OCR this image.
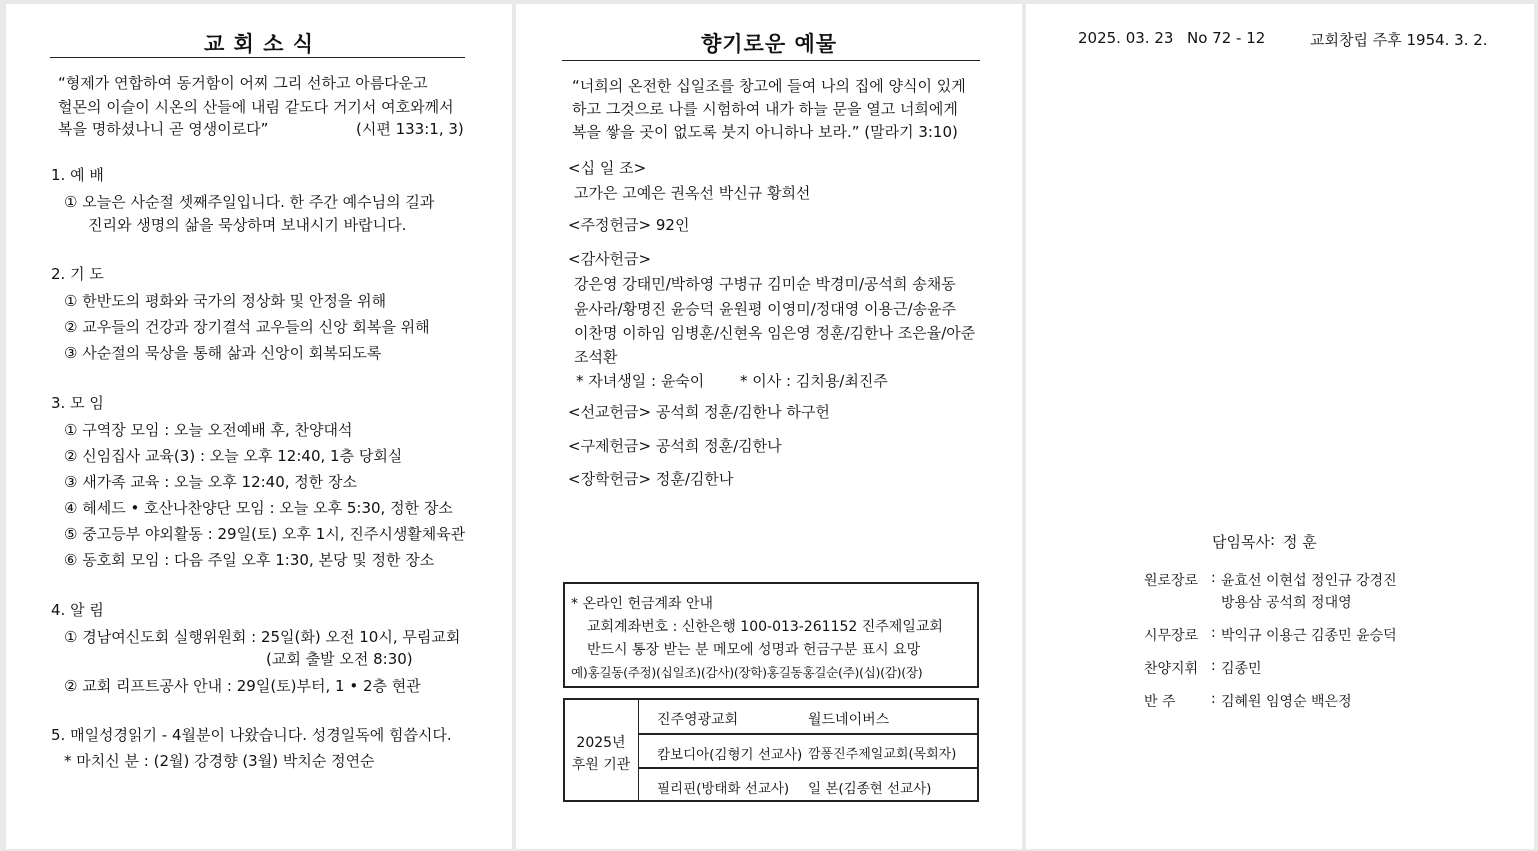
교 회 소 식
“형제가 연합하여 동거함이 어찌 그리 선하고 아름다운고
헐몬의 이슬이 시온의 산들에 내림 같도다 거기서 여호와께서
복을 명하셨나니 곧 영생이로다”	(시편 133:1, 3)
1. 예 배
① 오늘은 사순절 셋째주일입니다. 한 주간 예수님의 길과
진리와 생명의 삶을 묵상하며 보내시기 바랍니다.
2. 기 도
① 한반도의 평화와 국가의 정상화 및 안정을 위해
② 교우들의 건강과 장기결석 교우들의 신앙 회복을 위해
③ 사순절의 묵상을 통해 삶과 신앙이 회복되도록
3. 모 임
① 구역장 모임 : 오늘 오전예배 후, 찬양대석
② 신임집사 교육(3) : 오늘 오후 12:40, 1층 당회실
③ 새가족 교육 : 오늘 오후 12:40, 정한 장소
④ 헤세드 • 호산나찬양단 모임 : 오늘 오후 5:30, 정한 장소
⑤ 중고등부 야외활동 : 29일(토) 오후 1시, 진주시생활체육관
⑥ 동호회 모임 : 다음 주일 오후 1:30, 본당 및 정한 장소
4. 알 림
① 경남여신도회 실행위원회 : 25일(화) 오전 10시, 무림교회
(교회 출발 오전 8:30)
② 교회 리프트공사 안내 : 29일(토)부터, 1 • 2층 현관
5. 매일성경읽기 - 4월분이 나왔습니다. 성경일독에 힘씁시다.
* 마치신 분 : (2월) 강경향 (3월) 박치순 정연순
향기로운 예물
“너희의 온전한 십일조를 창고에 들여 나의 집에 양식이 있게
하고 그것으로 나를 시험하여 내가 하늘 문을 열고 너희에게
복을 쌓을 곳이 없도록 붓지 아니하나 보라.” (말라기 3:10)
<십 일 조>
고가은 고예은 권옥선 박신규 황희선
<주정헌금> 92인
<감사헌금>
강은영 강태민/박하영 구병규 김미순 박경미/공석희 송채동
윤사라/황명진 윤승덕 윤원평 이영미/정대영 이용근/송윤주
이찬명 이하임 임병훈/신현옥 임은영 정훈/김한나 조은율/아준
조석환
* 자녀생일 : 윤숙이 * 이사 : 김치용/최진주
<선교헌금> 공석희 정훈/김한나 하구헌
<구제헌금> 공석희 정훈/김한나
<장학헌금> 정훈/김한나
* 온라인 헌금계좌 안내
교회계좌번호 : 신한은행 100-013-261152 진주제일교회
반드시 통장 받는 분 메모에 성명과 헌금구분 표시 요망
예)홍길동(주정)(십일조)(감사)(장학)홍길동홍길순(주)(십)(감)(장)
2025년
후원 기관
진주영광교회	월드네이버스
캄보디아(김형기 선교사) 깜퐁진주제일교회(목회자)
필리핀(방태화 선교사) 일 본(김종현 선교사)
2025. 03. 23 No 72 - 12	교회창립 주후 1954. 3. 2.
담임목사 : 정 훈
원로장로 : 윤효선 이현섭 정인규 강경진
방용삼 공석희 정대영
시무장로 : 박익규 이용근 김종민 윤승덕
찬양지휘 : 김종민
반 주	: 김혜원 임영순 백은정
